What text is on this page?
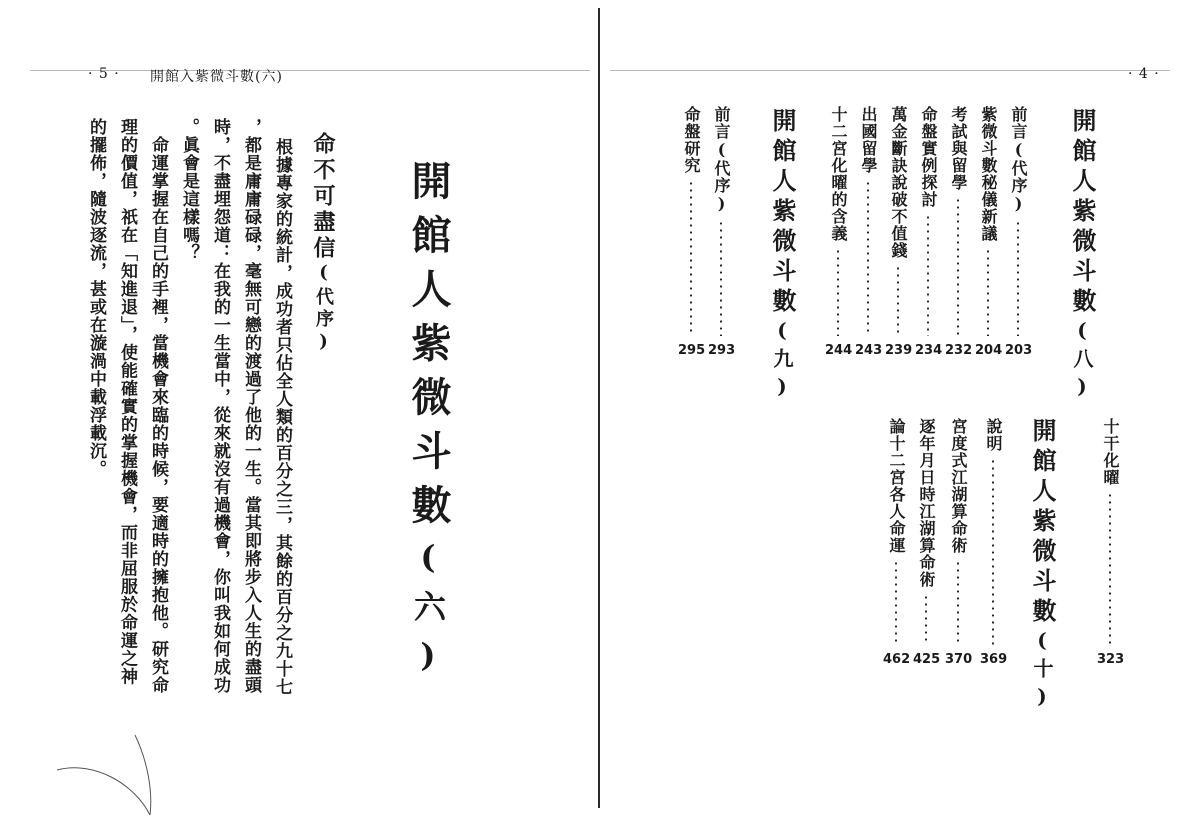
· 5 · 開館入紫微斗數(六)
開館人紫微斗數(六)
命不可盡信(代序)
根據專家的統計，成功者只佔全人類的百分之三，其餘的百分之九十七
，都是庸庸碌碌，毫無可戀的渡過了他的一生。當其即將步入人生的盡頭
時，不盡埋怨道：在我的一生當中，從來就沒有過機會，你叫我如何成功
。眞會是這樣嗎？
　命運掌握在自己的手裡，當機會來臨的時候，要適時的擁抱他。研究命
理的價值，祇在「知進退」，使能確實的掌握機會，而非屈服於命運之神
的擺佈，隨波逐流，甚或在漩渦中載浮載沉。
· 4 ·
開館人紫微斗數(八)
開館人紫微斗數(九)
開館人紫微斗數(十)
前言(代序)
203
紫微斗數秘儀新議
204
考試與留學
232
命盤實例探討
234
萬金斷訣說破不值錢
239
出國留學
243
十二宮化曜的含義
244
前言(代序)
293
命盤研究
295
十干化曜
323
說明
369
宮度式江湖算命術
370
逐年月日時江湖算命術
425
論十二宮各人命運
462
